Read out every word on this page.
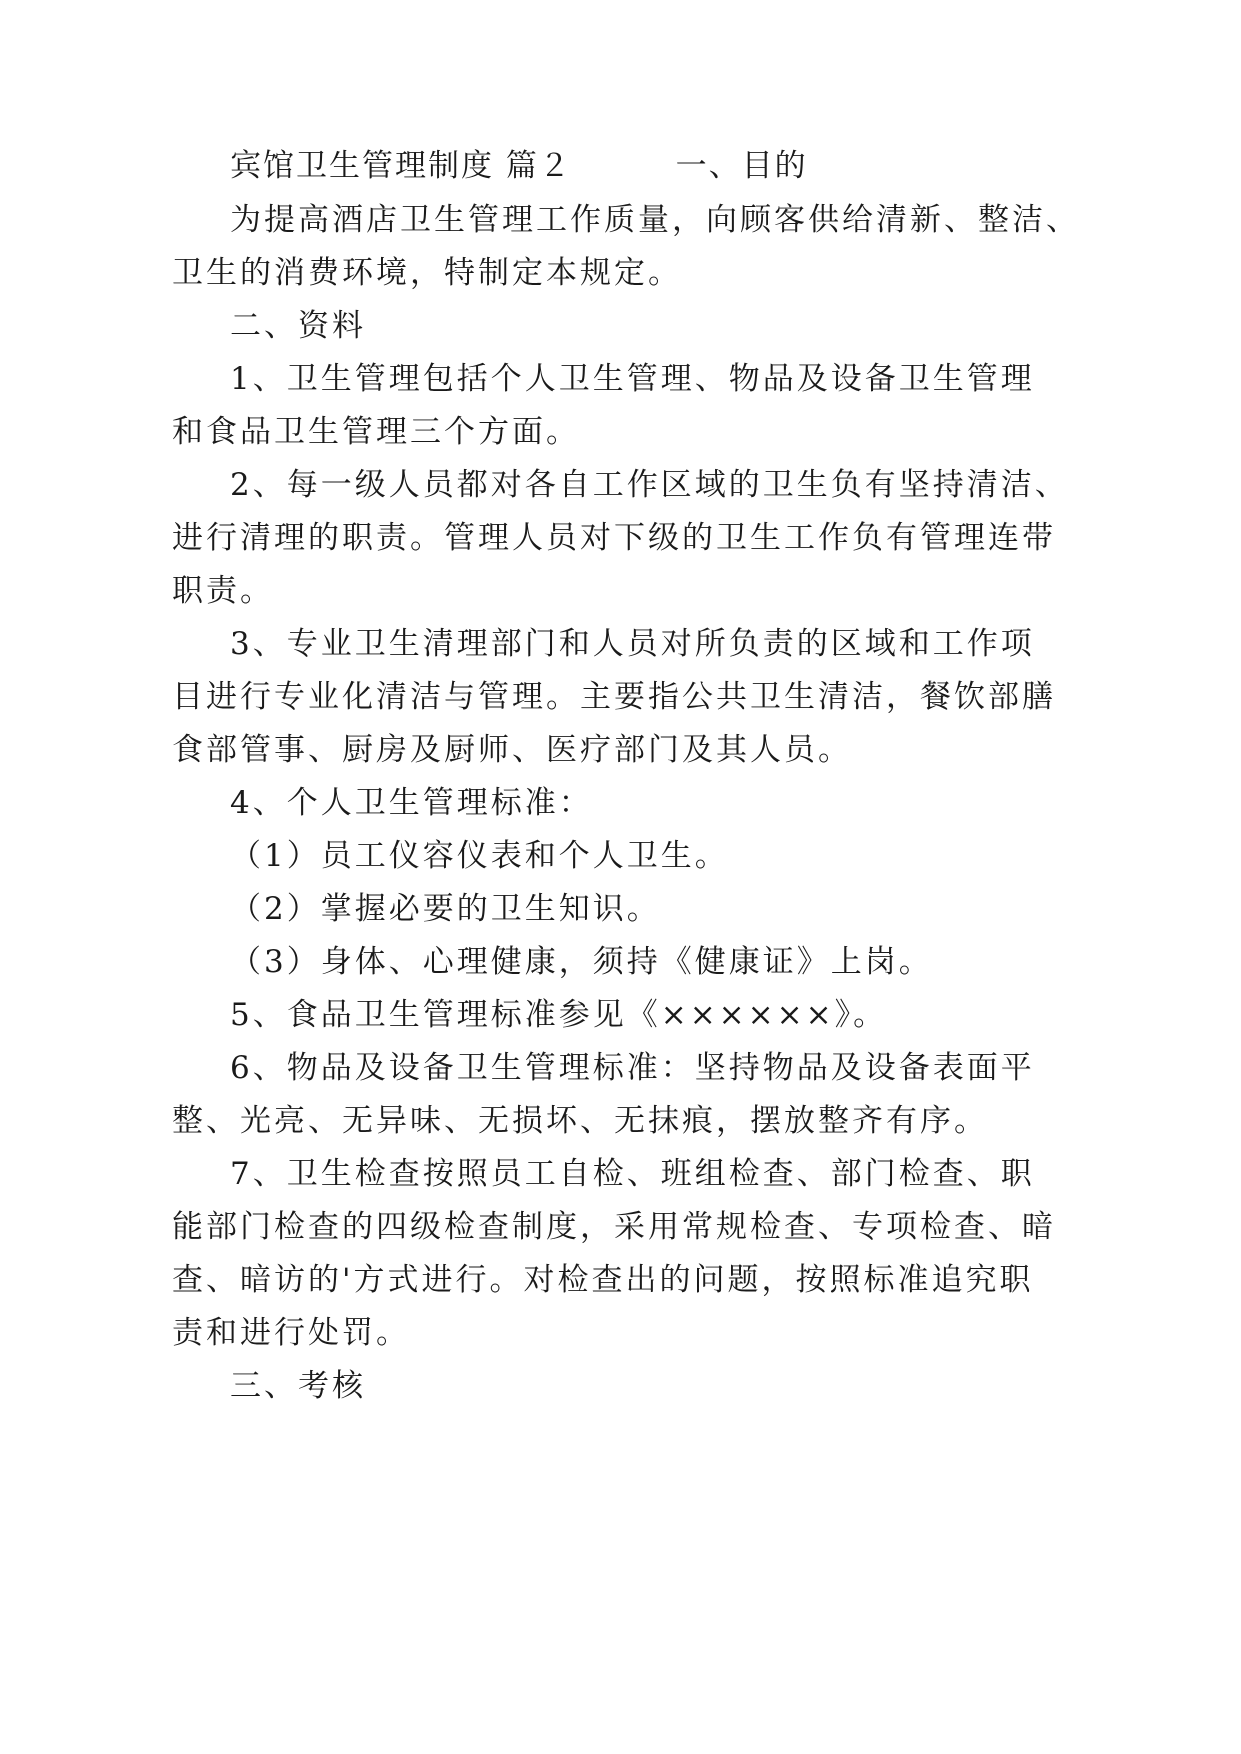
宾馆卫生管理制度 篇２	一、目的

为提高酒店卫生管理工作质量，向顾客供给清新、整洁、

卫生的消费环境，特制定本规定。

二、资料

1、卫生管理包括个人卫生管理、物品及设备卫生管理

和食品卫生管理三个方面。

2、每一级人员都对各自工作区域的卫生负有坚持清洁、

进行清理的职责。管理人员对下级的卫生工作负有管理连带

职责。

3、专业卫生清理部门和人员对所负责的区域和工作项

目进行专业化清洁与管理。主要指公共卫生清洁，餐饮部膳

食部管事、厨房及厨师、医疗部门及其人员。

4、个人卫生管理标准：

（1）员工仪容仪表和个人卫生。

（2）掌握必要的卫生知识。

（3）身体、心理健康，须持《健康证》上岗。

5、食品卫生管理标准参见《××××××》。

6、物品及设备卫生管理标准：坚持物品及设备表面平

整、光亮、无异味、无损坏、无抹痕，摆放整齐有序。

7、卫生检查按照员工自检、班组检查、部门检查、职

能部门检查的四级检查制度，采用常规检查、专项检查、暗

查、暗访的'方式进行。对检查出的问题，按照标准追究职

责和进行处罚。

三、考核
